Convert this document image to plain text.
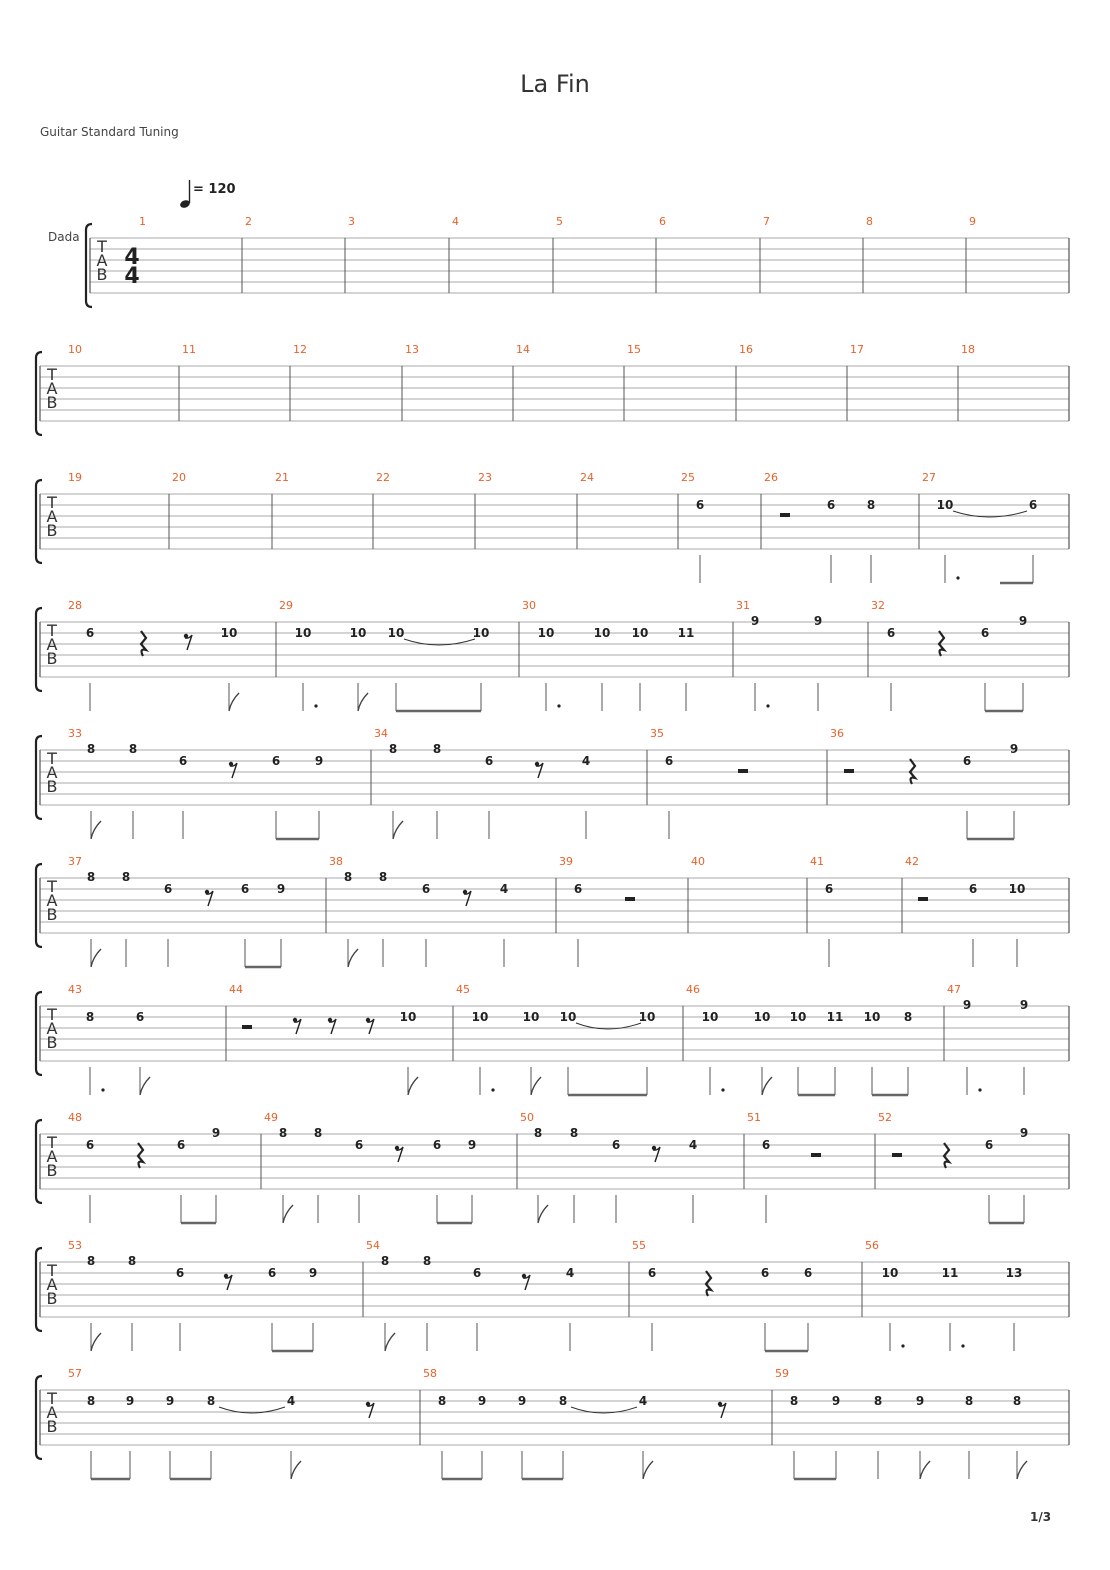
La Fin
Guitar Standard Tuning
T
A
B
Dada
= 120
4
4
1	2	3	4	5	6	7	8	9
T
A
B
10	11	12	13	14	15	16	17	18
T
A
B
19	20	21	22	23	24	25
6
26
6	8
27
10	6
T
A
B
28
6	10
29
10	10 10	10
30
10	10 10 11
31
9	9
32
6	6
9
T
A
B
33
8	8
6	6	9
34
8	8
6	4
35
6
36
6
9
T
A
B
37
8 8
6	6 9
38
8 8
6	4
39
6
40	41
6
42
6	10
T
A
B
43
8	6
44
10
45
10	10 10	10
46
10	10 10 11 10 8
47
9	9
T
A
B
48
6	6
9
49
8 8
6	6 9
50
8 8
6	4
51
6
52
6
9
T
A
B
53
8	8
6	6	9
54
8	8
6	4
55
6	6	6
56
10	11	13
T
A
B
57
8	9	9	8	4
58
8	9	9	8	4
59
8	9	8	9	8	8
1/3
